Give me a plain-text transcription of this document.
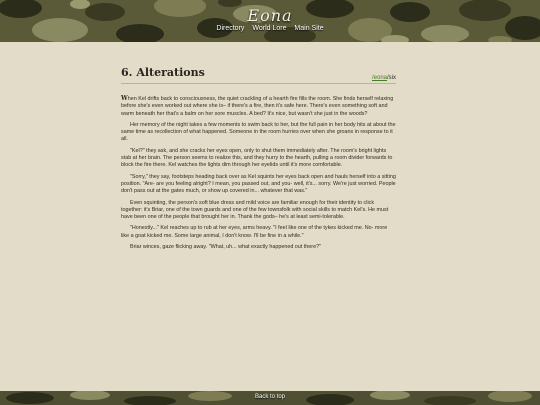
Eona
Directory World Lore Main Site
6. Alterations	/eona/six

When Kel drifts back to consciousness, the quiet crackling of a hearth fire fills the room. She finds herself relaxing before she's even worked out where she is– if there's a fire, then it's safe here. There's even something soft and warm beneath her that's a balm on her sore muscles. A bed? It's nice, but wasn't she just in the woods?

Her memory of the night takes a few moments to swim back to her, but the full pain in her body hits at about the same time as recollection of what happened. Someone in the room hurries over when she groans in response to it all.

"Kel?" they ask, and she cracks her eyes open, only to shut them immediately after. The room's bright lights stab at her brain. The person seems to realize this, and they hurry to the hearth, pulling a room divider forwards to block the fire there. Kel watches the lights dim through her eyelids until it's more comfortable.

"Sorry," they say, footsteps heading back over as Kel squints her eyes back open and hauls herself into a sitting position. "Are- are you feeling alright? I mean, you passed out, and you- well, it's... sorry. We're just worried. People don't pass out at the gates much, or show up covered in... whatever that was."

Even squinting, the person's soft blue dress and mild voice are familiar enough for their identity to click together: it's Briar, one of the town guards and one of the few townsfolk with social skills to match Kel's. He must have been one of the people that brought her in. Thank the gods– he's at least semi-tolerable.

"Honestly..." Kel reaches up to rub at her eyes, arms heavy. "I feel like one of the tykes kicked me. No- more like a goat kicked me. Some large animal, I don't know. I'll be fine in a while."

Briar winces, gaze flicking away. "What, uh... what exactly happened out there?"

Back to top
